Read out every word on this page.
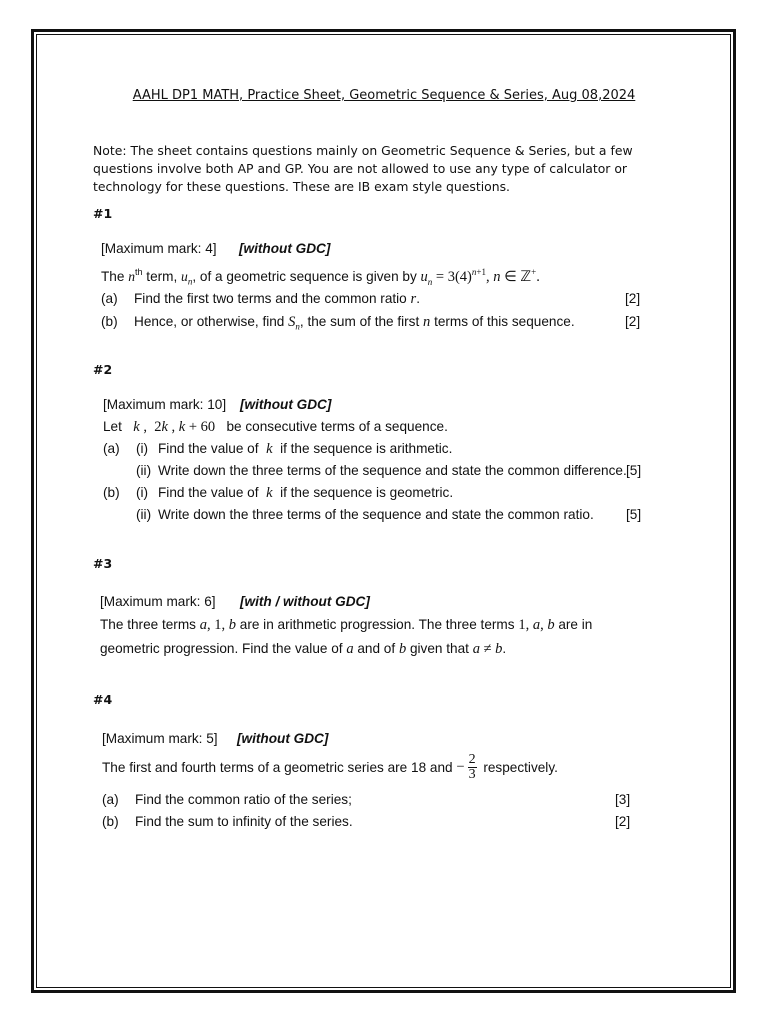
AAHL DP1 MATH, Practice Sheet, Geometric Sequence & Series, Aug 08,2024
Note: The sheet contains questions mainly on Geometric Sequence & Series, but a few questions involve both AP and GP. You are not allowed to use any type of calculator or technology for these questions. These are IB exam style questions.
#1
[Maximum mark: 4] [without GDC]
The $n^{th}$ term, $u_n$, of a geometric sequence is given by $u_n = 3(4)^{n+1}$, n ∈ ℤ+.
(a) Find the first two terms and the common ratio r.	[2]
(b) Hence, or otherwise, find $S_n$, the sum of the first n terms of this sequence.	[2]
#2
[Maximum mark: 10] [without GDC]
Let k ,  2k , k + 60 be consecutive terms of a sequence.
(a) (i) Find the value of k if the sequence is arithmetic.
(ii) Write down the three terms of the sequence and state the common difference. [5]
(b) (i) Find the value of k if the sequence is geometric.
(ii) Write down the three terms of the sequence and state the common ratio. [5]
#3
[Maximum mark: 6] [with / without GDC]
The three terms a, 1, b are in arithmetic progression. The three terms 1, a, b are in
geometric progression. Find the value of a and of b given that a ≠ b.
#4
[Maximum mark: 5] [without GDC]
The first and fourth terms of a geometric series are 18 and − $\frac{2}{3}$ respectively.
(a) Find the common ratio of the series;	[3]
(b) Find the sum to infinity of the series.	[2]
